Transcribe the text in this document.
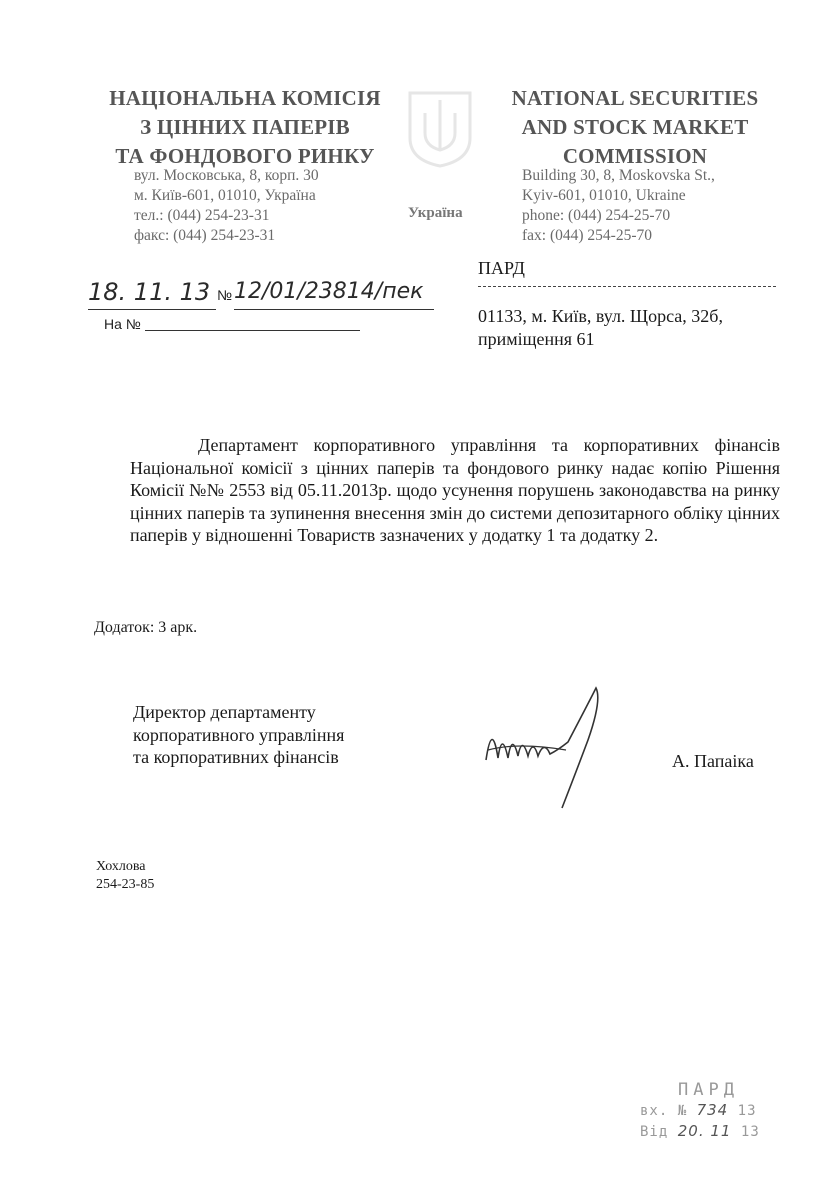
НАЦІОНАЛЬНА КОМІСІЯ
З ЦІННИХ ПАПЕРІВ
ТА ФОНДОВОГО РИНКУ
вул. Московська, 8, корп. 30
м. Київ-601, 01010, Україна
тел.: (044) 254-23-31
факс: (044) 254-23-31
Україна
NATIONAL SECURITIES
AND STOCK MARKET
COMMISSION
Building 30, 8, Moskovska St.,
Kyiv-601, 01010, Ukraine
phone: (044) 254-25-70
fax: (044) 254-25-70
18. 11. 13 № 12/01/23814/пек
На №
ПАРД
01133, м. Київ, вул. Щорса, 32б,
приміщення 61
Департамент корпоративного управління та корпоративних фінансів Національної комісії з цінних паперів та фондового ринку надає копію Рішення Комісії №№ 2553 від 05.11.2013р. щодо усунення порушень законодавства на ринку цінних паперів та зупинення внесення змін до системи депозитарного обліку цінних паперів у відношенні Товариств зазначених у додатку 1 та додатку 2.
Додаток: 3 арк.
Директор департаменту
корпоративного управління
та корпоративних фінансів	А. Папаіка
Хохлова
254-23-85
ПАРД
вх. № 734 13
Від 20. 11 13
